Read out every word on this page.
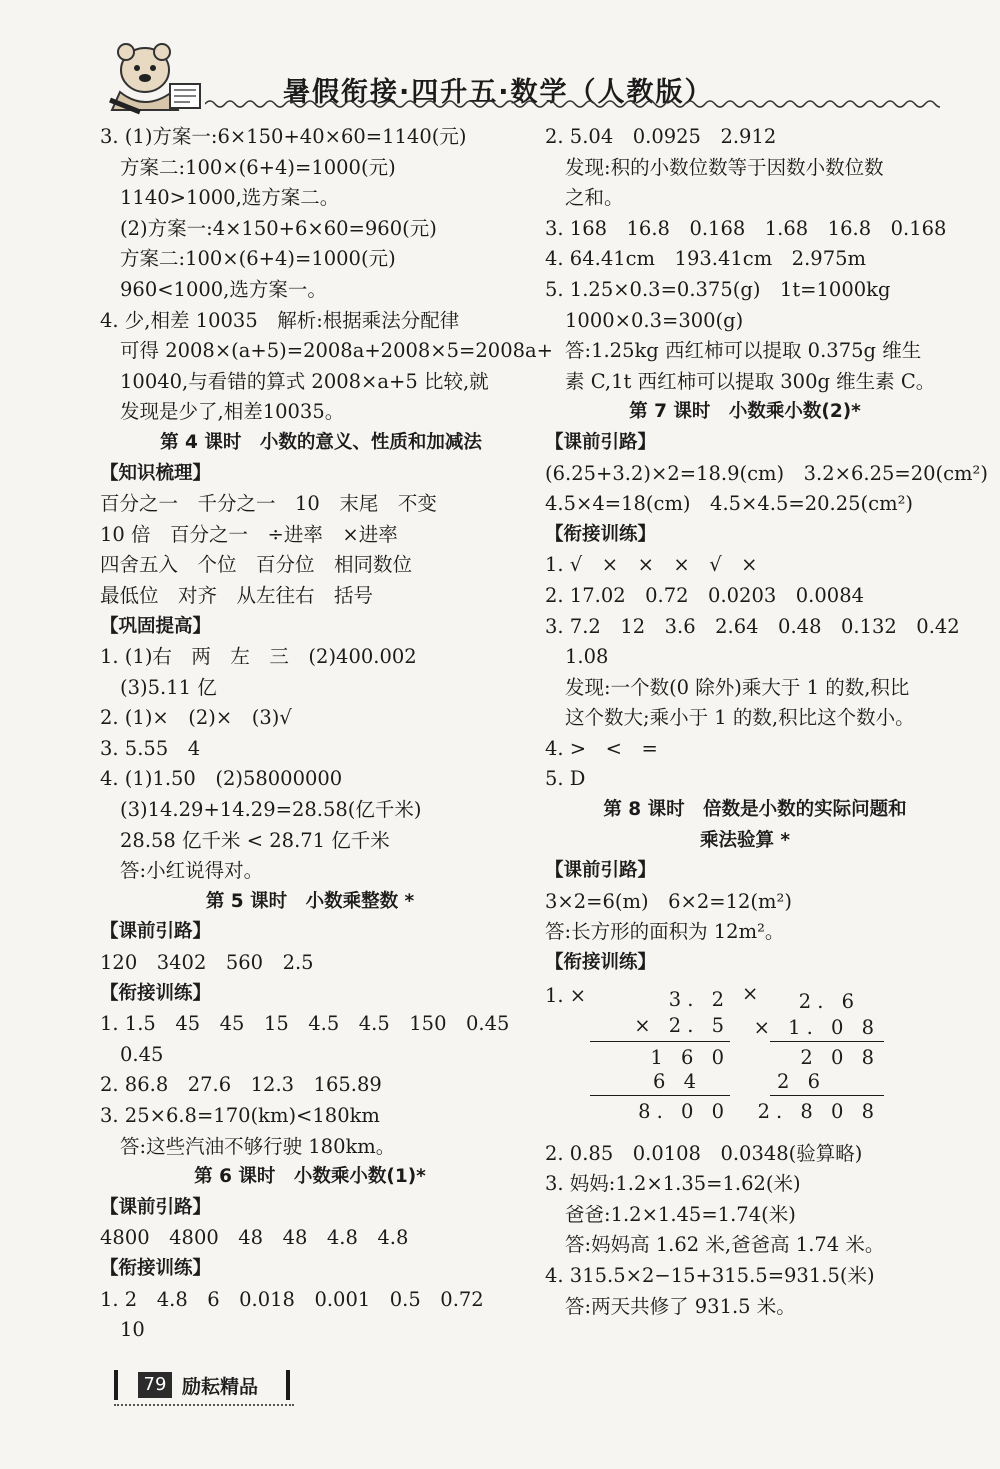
暑假衔接·四升五·数学（人教版）
3. (1)方案一:6×150+40×60=1140(元)
方案二:100×(6+4)=1000(元)
1140>1000,选方案二。
(2)方案一:4×150+6×60=960(元)
方案二:100×(6+4)=1000(元)
960<1000,选方案一。
4. 少,相差 10035　解析:根据乘法分配律
可得 2008×(a+5)=2008a+2008×5=2008a+
10040,与看错的算式 2008×a+5 比较,就
发现是少了,相差10035。
第 4 课时　小数的意义、性质和加减法
【知识梳理】
百分之一　千分之一　10　末尾　不变
10 倍　百分之一　÷进率　×进率
四舍五入　个位　百分位　相同数位
最低位　对齐　从左往右　括号
【巩固提高】
1. (1)右　两　左　三　(2)400.002
(3)5.11 亿
2. (1)×　(2)×　(3)√
3. 5.55　4
4. (1)1.50　(2)58000000
(3)14.29+14.29=28.58(亿千米)
28.58 亿千米 < 28.71 亿千米
答:小红说得对。
第 5 课时　小数乘整数 *
【课前引路】
120　3402　560　2.5
【衔接训练】
1. 1.5　45　45　15　4.5　4.5　150　0.45
0.45
2. 86.8　27.6　12.3　165.89
3. 25×6.8=170(km)<180km
答:这些汽油不够行驶 180km。
第 6 课时　小数乘小数(1)*
【课前引路】
4800　4800　48　48　4.8　4.8
【衔接训练】
1. 2　4.8　6　0.018　0.001　0.5　0.72
10
2. 5.04　0.0925　2.912
发现:积的小数位数等于因数小数位数
之和。
3. 168　16.8　0.168　1.68　16.8　0.168
4. 64.41cm　193.41cm　2.975m
5. 1.25×0.3=0.375(g)　1t=1000kg
1000×0.3=300(g)
答:1.25kg 西红柿可以提取 0.375g 维生
素 C,1t 西红柿可以提取 300g 维生素 C。
第 7 课时　小数乘小数(2)*
【课前引路】
(6.25+3.2)×2=18.9(cm)　3.2×6.25=20(cm²)
4.5×4=18(cm)　4.5×4.5=20.25(cm²)
【衔接训练】
1. √　×　×　×　√　×
2. 17.02　0.72　0.0203　0.0084
3. 7.2　12　3.6　2.64　0.48　0.132　0.42
1.08
发现:一个数(0 除外)乘大于 1 的数,积比
这个数大;乘小于 1 的数,积比这个数小。
4. >　<　=
5. D
第 8 课时　倍数是小数的实际问题和
乘法验算 *
【课前引路】
3×2=6(m)　6×2=12(m²)
答:长方形的面积为 12m²。
【衔接训练】
1. ×	×
3. 2
× 2. 5
1 6 0
6 4
8. 0 0
2. 6
× 1. 0 8
2 0 8
2 6
2. 8 0 8
2. 0.85　0.0108　0.0348(验算略)
3. 妈妈:1.2×1.35=1.62(米)
爸爸:1.2×1.45=1.74(米)
答:妈妈高 1.62 米,爸爸高 1.74 米。
4. 315.5×2−15+315.5=931.5(米)
答:两天共修了 931.5 米。
79 励耘精品
